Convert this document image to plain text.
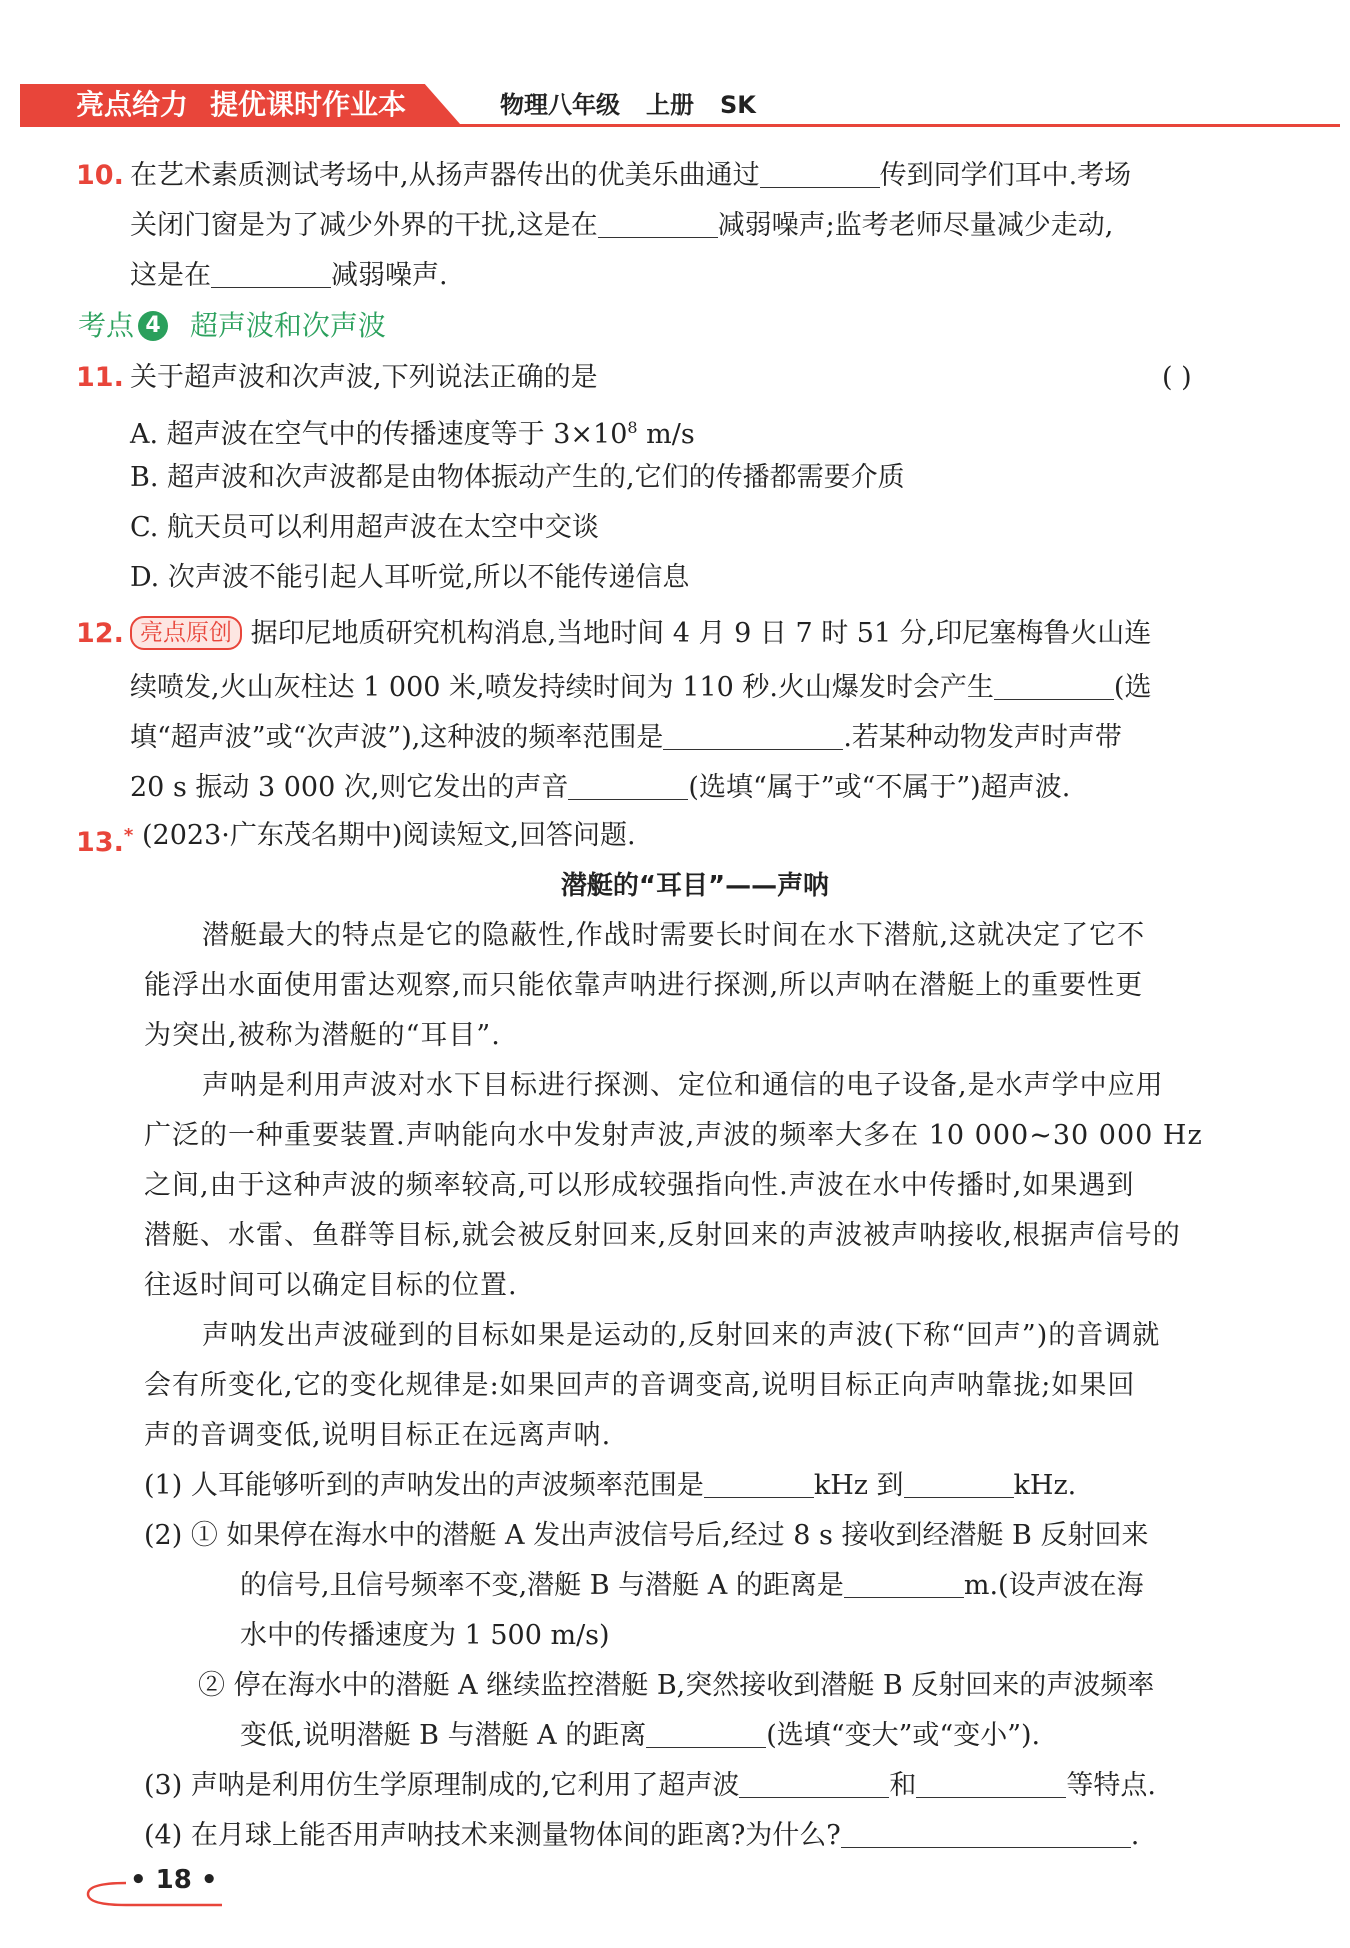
亮点给力 提优课时作业本	物理八年级 上册 SK
10. 在艺术素质测试考场中,从扬声器传出的优美乐曲通过	传到同学们耳中.考场
关闭门窗是为了减少外界的干扰,这是在	减弱噪声;监考老师尽量减少走动,
这是在	减弱噪声.
考点 4 超声波和次声波
11. 关于超声波和次声波,下列说法正确的是	( )
A. 超声波在空气中的传播速度等于 $3\times 10^8$ m/s
B. 超声波和次声波都是由物体振动产生的,它们的传播都需要介质
C. 航天员可以利用超声波在太空中交谈
D. 次声波不能引起人耳听觉,所以不能传递信息
12. 亮点原创 据印尼地质研究机构消息,当地时间 4 月 9 日 7 时 51 分,印尼塞梅鲁火山连
续喷发,火山灰柱达 1 000 米,喷发持续时间为 110 秒.火山爆发时会产生	(选
填“超声波”或“次声波”),这种波的频率范围是	.若某种动物发声时声带
20 s 振动 3 000 次,则它发出的声音	(选填“属于”或“不属于”)超声波.
13.* (2023·广东茂名期中)阅读短文,回答问题.
潜艇的“耳目”——声呐
潜艇最大的特点是它的隐蔽性,作战时需要长时间在水下潜航,这就决定了它不
能浮出水面使用雷达观察,而只能依靠声呐进行探测,所以声呐在潜艇上的重要性更
为突出,被称为潜艇的“耳目”.
声呐是利用声波对水下目标进行探测、定位和通信的电子设备,是水声学中应用
广泛的一种重要装置.声呐能向水中发射声波,声波的频率大多在 10 000~30 000 Hz
之间,由于这种声波的频率较高,可以形成较强指向性.声波在水中传播时,如果遇到
潜艇、水雷、鱼群等目标,就会被反射回来,反射回来的声波被声呐接收,根据声信号的
往返时间可以确定目标的位置.
声呐发出声波碰到的目标如果是运动的,反射回来的声波(下称“回声”)的音调就
会有所变化,它的变化规律是:如果回声的音调变高,说明目标正向声呐靠拢;如果回
声的音调变低,说明目标正在远离声呐.
(1) 人耳能够听到的声呐发出的声波频率范围是	kHz 到	kHz.
(2) ① 如果停在海水中的潜艇 A 发出声波信号后,经过 8 s 接收到经潜艇 B 反射回来
的信号,且信号频率不变,潜艇 B 与潜艇 A 的距离是	m.(设声波在海
水中的传播速度为 1 500 m/s)
② 停在海水中的潜艇 A 继续监控潜艇 B,突然接收到潜艇 B 反射回来的声波频率
变低,说明潜艇 B 与潜艇 A 的距离	(选填“变大”或“变小”).
(3) 声呐是利用仿生学原理制成的,它利用了超声波	和	等特点.
(4) 在月球上能否用声呐技术来测量物体间的距离?为什么?	.
• 18 •
